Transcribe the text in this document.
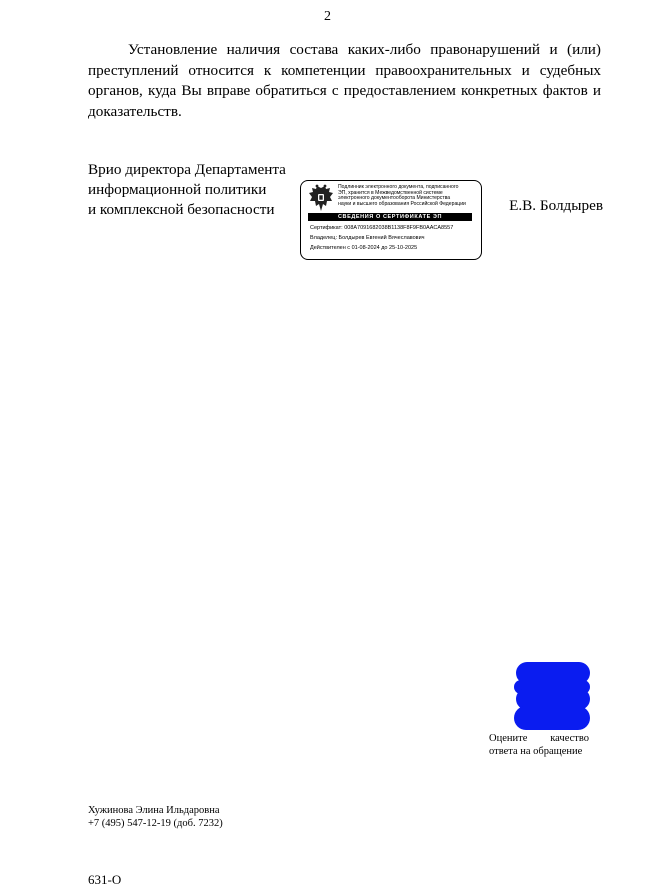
2

Установление наличия состава каких-либо правонарушений и (или) преступлений относится к компетенции правоохранительных и судебных органов, куда Вы вправе обратиться с предоставлением конкретных фактов и доказательств.

Врио директора Департамента
информационной политики
и комплексной безопасности
Подлинник электронного документа, подписанного
ЭП, хранится в Межведомственной системе
электронного документооборота Министерства
науки и высшего образования Российской Федерации
СВЕДЕНИЯ О СЕРТИФИКАТЕ ЭП
Сертификат: 008A7091682038B1138F8F9FB0AACA8557
Владелец: Болдырев Евгений Вячеславович
Действителен с 01-08-2024 до 25-10-2025
Е.В. Болдырев
Оцените качество
ответа на обращение
Хужинова Элина Ильдаровна
+7 (495) 547-12-19 (доб. 7232)
631-О
